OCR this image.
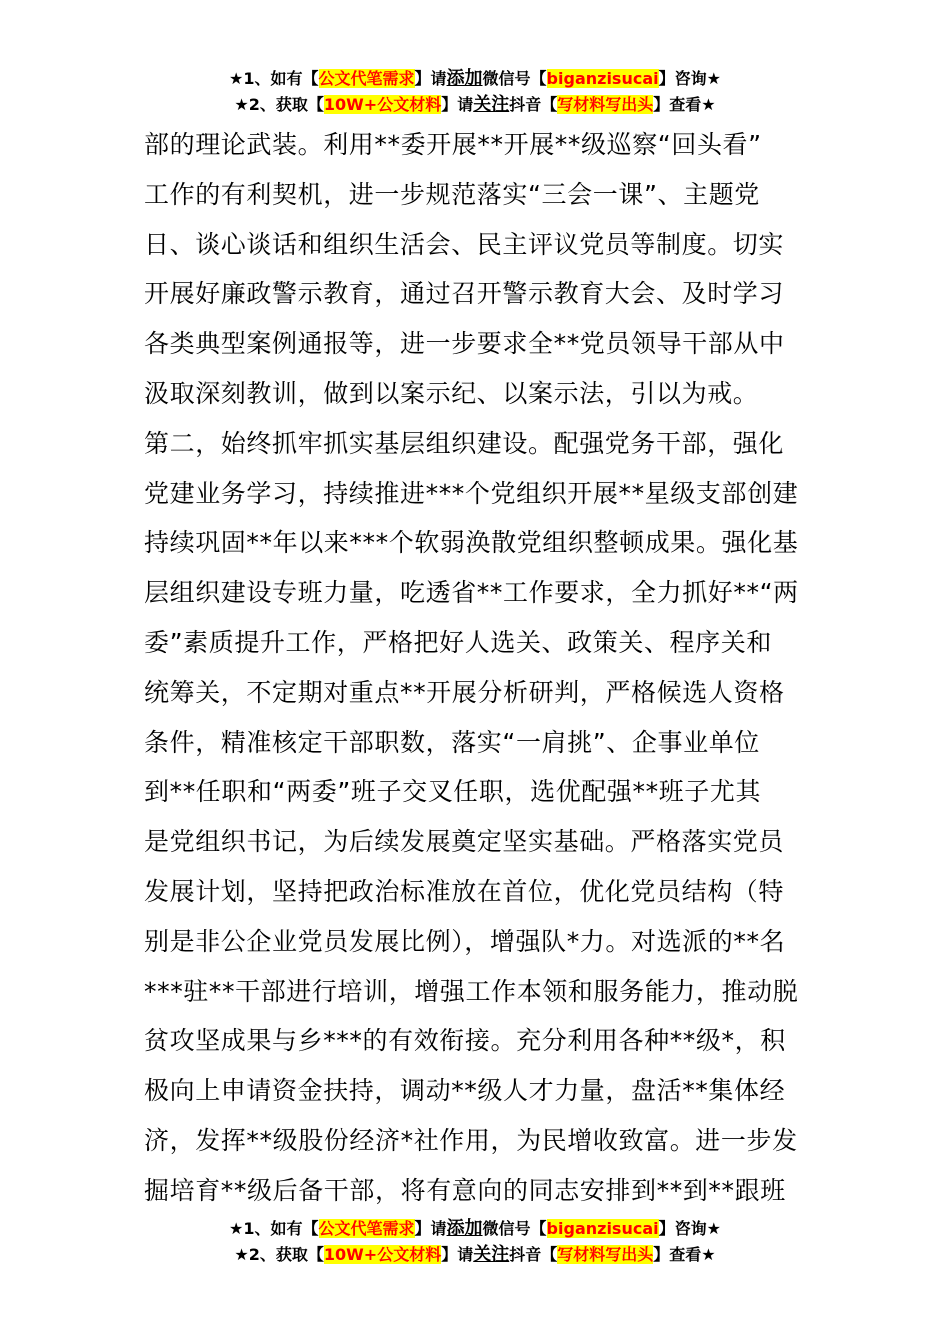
★1、如有【公文代笔需求】请添加微信号【biganzisucai】咨询★
★2、获取【10W+公文材料】请关注抖音【写材料写出头】查看★
部的理论武装。利用**委开展**开展**级巡察“回头看”
工作的有利契机，进一步规范落实“三会一课”、主题党
日、谈心谈话和组织生活会、民主评议党员等制度。切实
开展好廉政警示教育，通过召开警示教育大会、及时学习
各类典型案例通报等，进一步要求全**党员领导干部从中
汲取深刻教训，做到以案示纪、以案示法，引以为戒。
第二，始终抓牢抓实基层组织建设。配强党务干部，强化
党建业务学习，持续推进***个党组织开展**星级支部创建
持续巩固**年以来***个软弱涣散党组织整顿成果。强化基
层组织建设专班力量，吃透省**工作要求，全力抓好**“两
委”素质提升工作，严格把好人选关、政策关、程序关和
统筹关，不定期对重点**开展分析研判，严格候选人资格
条件，精准核定干部职数，落实“一肩挑”、企事业单位
到**任职和“两委”班子交叉任职，选优配强**班子尤其
是党组织书记，为后续发展奠定坚实基础。严格落实党员
发展计划，坚持把政治标准放在首位，优化党员结构（特
别是非公企业党员发展比例），增强队*力。对选派的**名
***驻**干部进行培训，增强工作本领和服务能力，推动脱
贫攻坚成果与乡***的有效衔接。充分利用各种**级*，积
极向上申请资金扶持，调动**级人才力量，盘活**集体经
济，发挥**级股份经济*社作用，为民增收致富。进一步发
掘培育**级后备干部，将有意向的同志安排到**到**跟班
★1、如有【公文代笔需求】请添加微信号【biganzisucai】咨询★
★2、获取【10W+公文材料】请关注抖音【写材料写出头】查看★
